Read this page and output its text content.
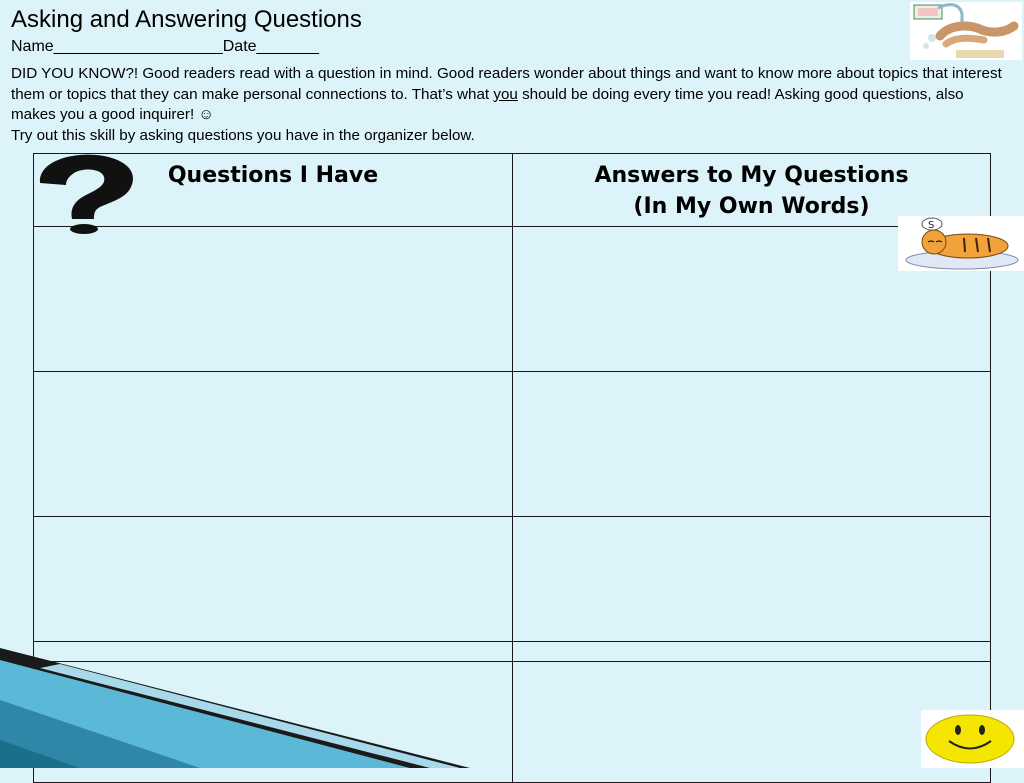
Asking and Answering Questions
Name___________________Date_______

DID YOU KNOW?! Good readers read with a question in mind. Good readers wonder about things and want to know more about topics that interest them or topics that they can make personal connections to. That’s what you should be doing every time you read! Asking good questions, also makes you a good inquirer! ☺

Try out this skill by asking questions you have in the organizer below.

Questions I Have	Answers to My Questions
(In My Own Words)

S
